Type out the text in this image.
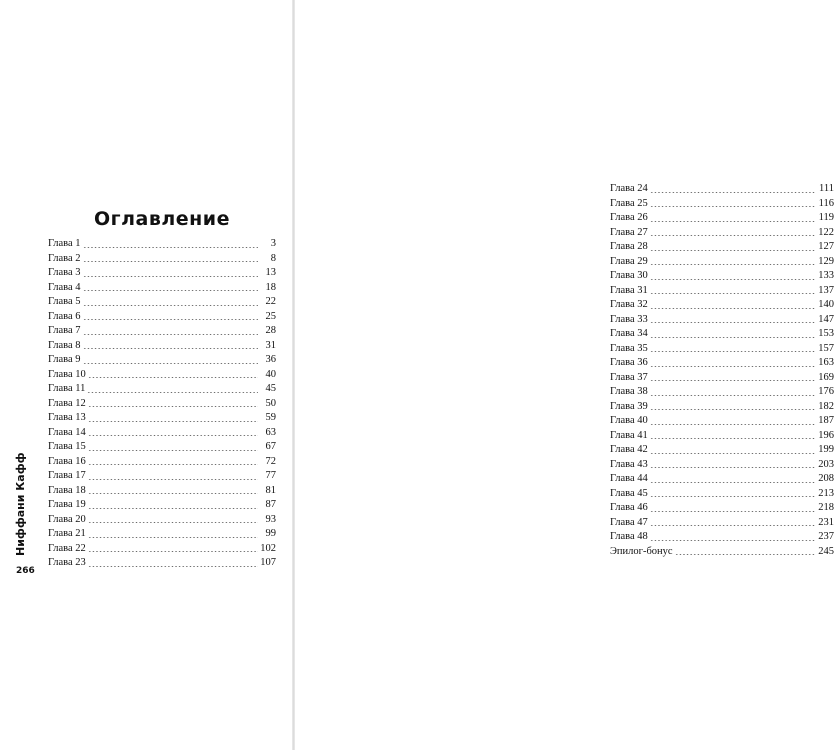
Оглавление
Глава 1	3
Глава 2	8
Глава 3	13
Глава 4	18
Глава 5	22
Глава 6	25
Глава 7	28
Глава 8	31
Глава 9	36
Глава 10	40
Глава 11	45
Глава 12	50
Глава 13	59
Глава 14	63
Глава 15	67
Глава 16	72
Глава 17	77
Глава 18	81
Глава 19	87
Глава 20	93
Глава 21	99
Глава 22	102
Глава 23	107
Ниффани Кафф
266
Глава 24	111
Глава 25	116
Глава 26	119
Глава 27	122
Глава 28	127
Глава 29	129
Глава 30	133
Глава 31	137
Глава 32	140
Глава 33	147
Глава 34	153
Глава 35	157
Глава 36	163
Глава 37	169
Глава 38	176
Глава 39	182
Глава 40	187
Глава 41	196
Глава 42	199
Глава 43	203
Глава 44	208
Глава 45	213
Глава 46	218
Глава 47	231
Глава 48	237
Эпилог-бонус	245
